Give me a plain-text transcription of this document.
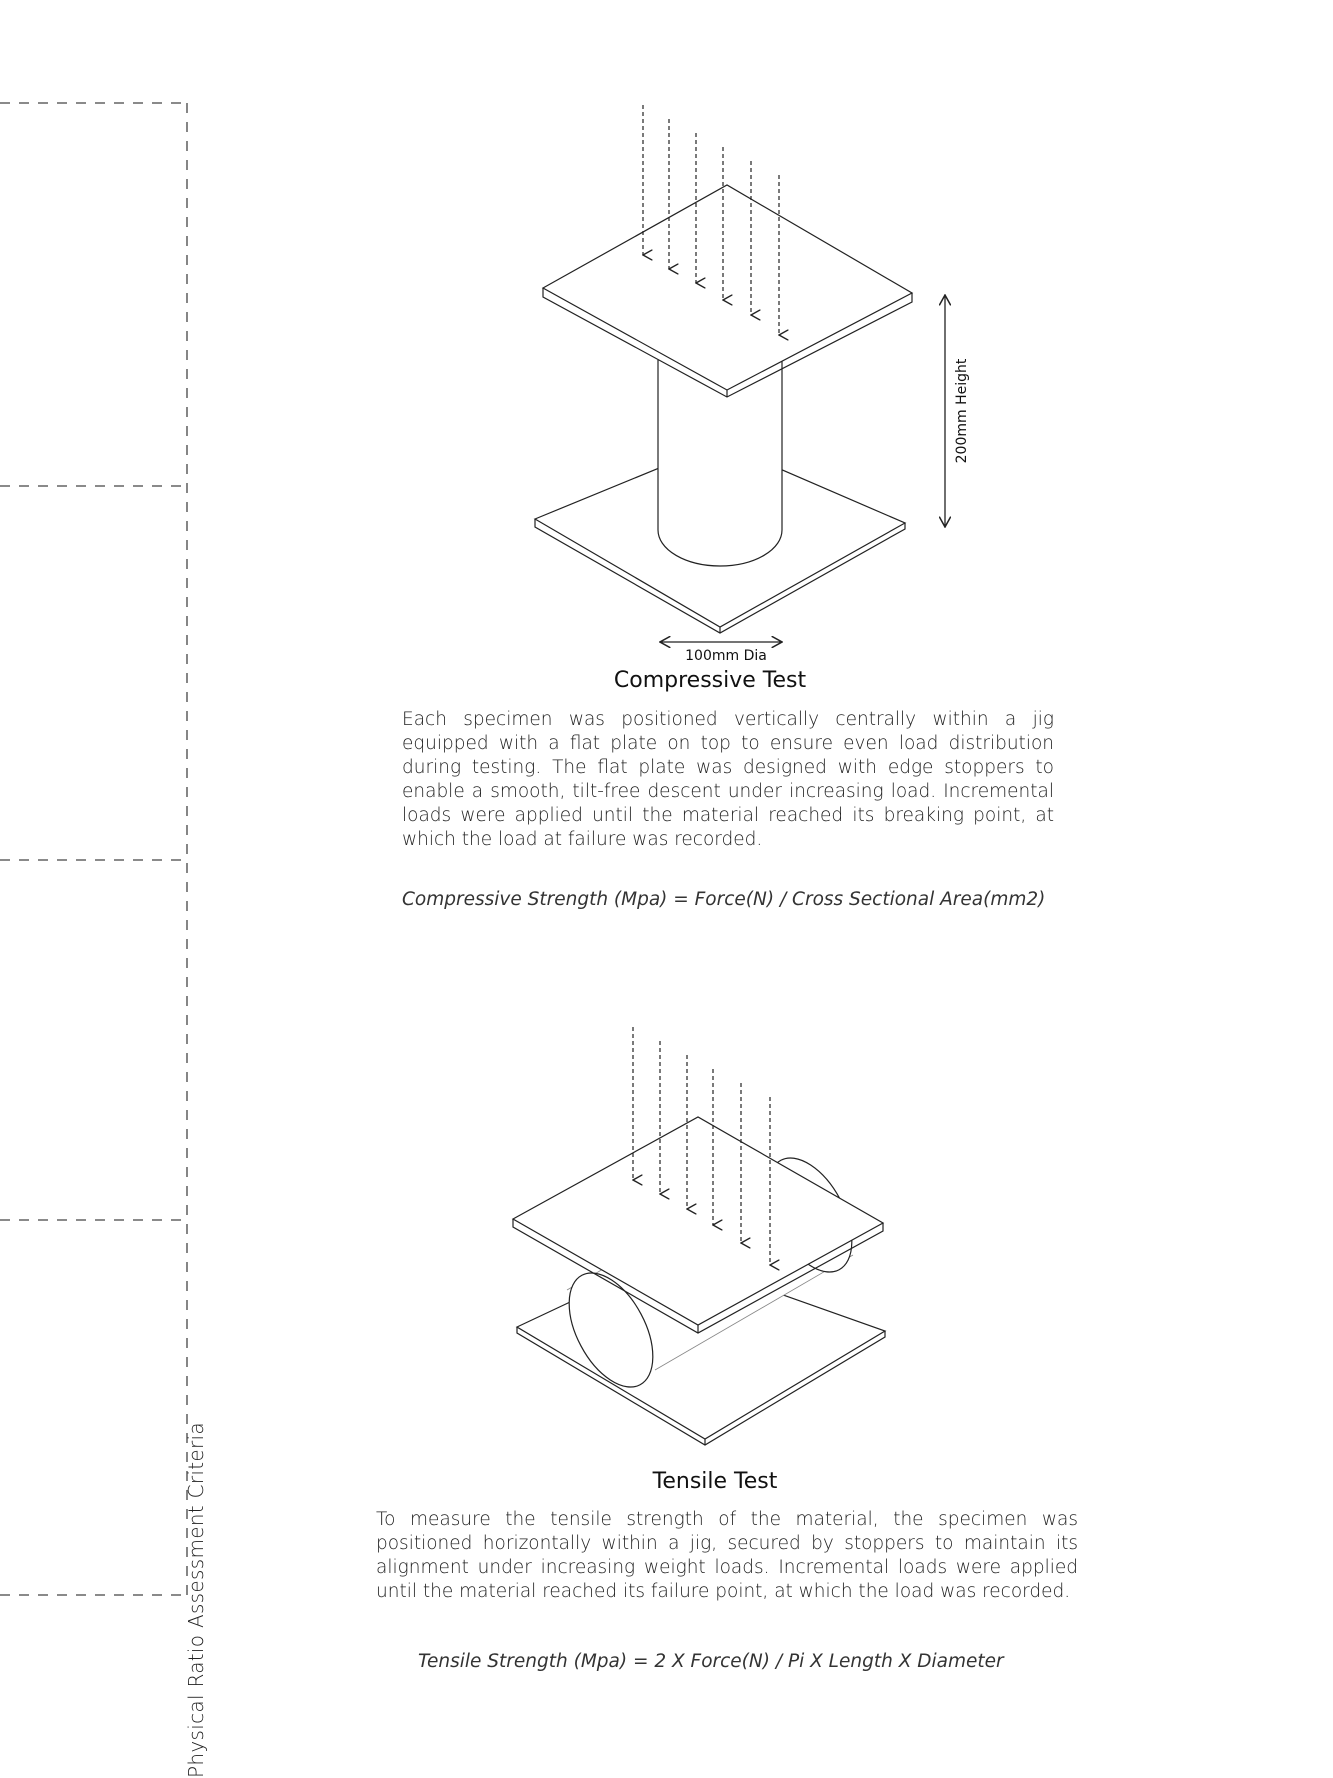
Physical Ratio Assessment Criteria
200mm Height
100mm Dia
Compressive Test
Each specimen was positioned vertically centrally within a jig equipped with a flat plate on top to ensure even load distribution during testing. The flat plate was designed with edge stoppers to enable a smooth, tilt-free descent under increasing load. Incremental loads were applied until the material reached its breaking point, at which the load at failure was recorded.
Compressive Strength (Mpa) = Force(N) / Cross Sectional Area(mm2)
Tensile Test
To measure the tensile strength of the material, the specimen was positioned horizontally within a jig, secured by stoppers to maintain its alignment under increasing weight loads. Incremental loads were applied until the material reached its failure point, at which the load was recorded.
Tensile Strength (Mpa) = 2 X Force(N) / Pi X Length X Diameter
